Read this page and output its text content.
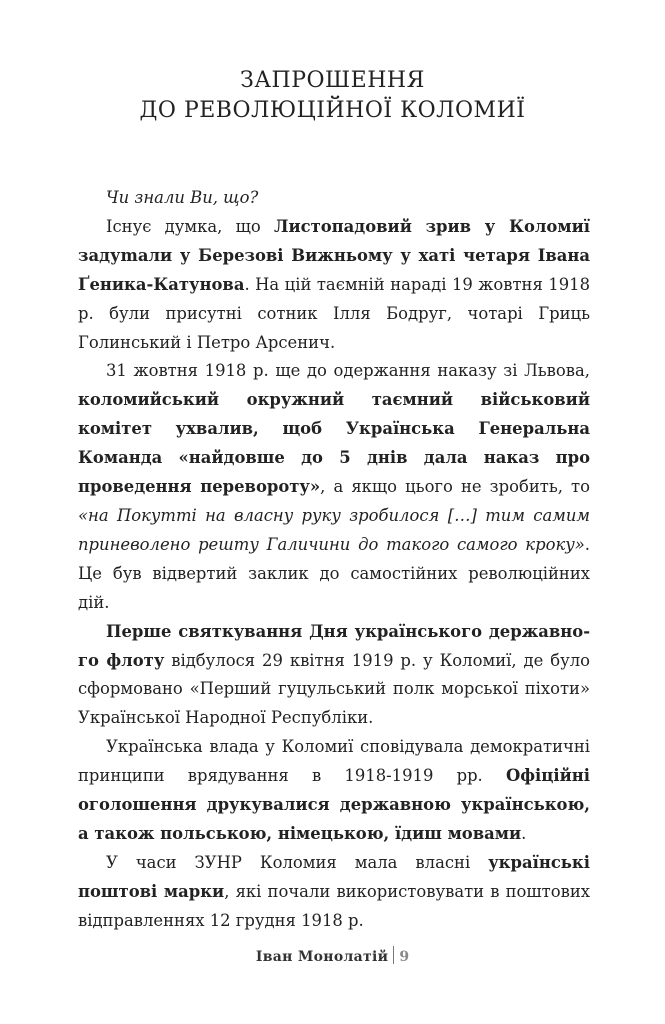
ЗАПРОШЕННЯ
ДО РЕВОЛЮЦІЙНОЇ КОЛОМИЇ

Чи знали Ви, що?

Існує думка, що Листопадовий зрив у Коломиї задуmали у Березові Вижньому у хаті четаря Івана Ґеника-Катунова. На цій таємній нараді 19 жовтня 1918 р. були присутні сотник Ілля Бодруг, чотарі Гриць Голинський і Петро Арсенич.

31 жовтня 1918 р. ще до одержання наказу зі Львова, коломийський окружний таємний військовий комітет ухвалив, щоб Українська Генеральна Команда «найдовше до 5 днів дала наказ про проведення перевороту», а якщо цього не зробить, то «на Покутті на власну руку зробилося […] тим самим приневолено решту Галичини до такого самого кроку». Це був відвертий заклик до самостійних революційних дій.

Перше святкування Дня українського державного флоту відбулося 29 квітня 1919 р. у Коломиї, де було сформовано «Перший гуцульський полк морської піхоти» Української Народної Республіки.

Українська влада у Коломиї сповідувала демократичні принципи врядування в 1918-1919 рр. Офіційні оголошення друкувалися державною українською, а також польською, німецькою, їдиш мовами.

У часи ЗУНР Коломия мала власні українські поштові марки, які почали використовувати в поштових відправленнях 12 грудня 1918 р.

Іван Монолатій 9
